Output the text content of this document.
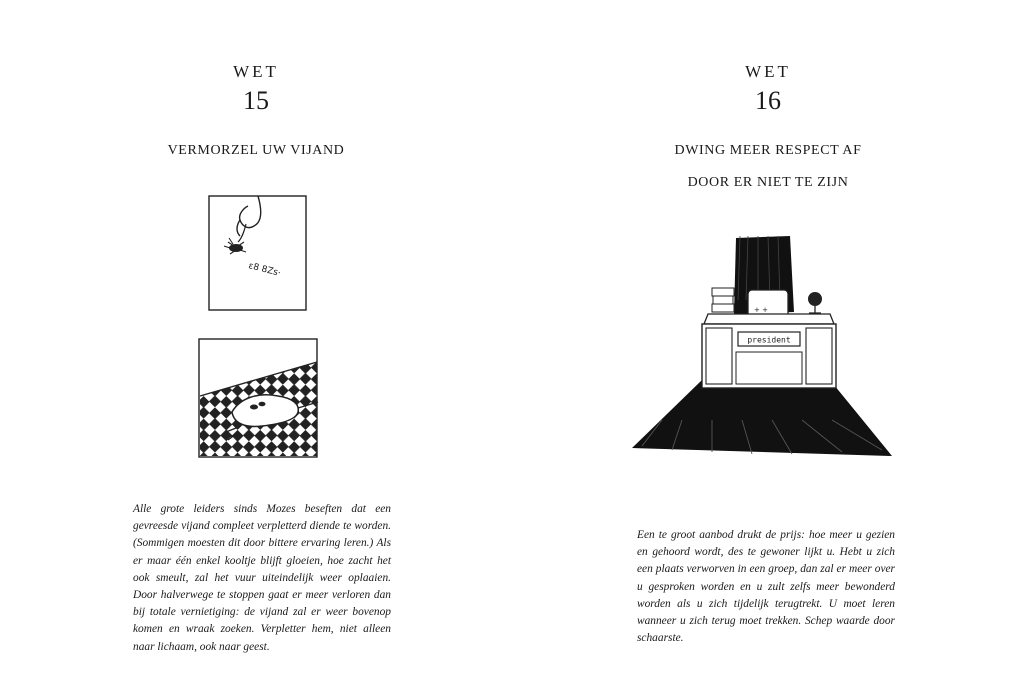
WET
15
VERMORZEL UW VIJAND
ε8 8Zs·
Alle grote leiders sinds Mozes beseften dat een gevreesde vijand compleet verpletterd diende te worden. (Sommigen moesten dit door bittere ervaring leren.) Als er maar één enkel kooltje blijft gloeien, hoe zacht het ook smeult, zal het vuur uiteindelijk weer oplaaien. Door halverwege te stoppen gaat er meer verloren dan bij totale vernietiging: de vijand zal er weer bovenop komen en wraak zoeken. Verpletter hem, niet alleen naar lichaam, ook naar geest.
WET
16
DWING MEER RESPECT AF
DOOR ER NIET TE ZIJN
+ +
president
Een te groot aanbod drukt de prijs: hoe meer u gezien en gehoord wordt, des te gewoner lijkt u. Hebt u zich een plaats verworven in een groep, dan zal er meer over u gesproken worden en u zult zelfs meer bewonderd worden als u zich tijdelijk terugtrekt. U moet leren wanneer u zich terug moet trekken. Schep waarde door schaarste.
